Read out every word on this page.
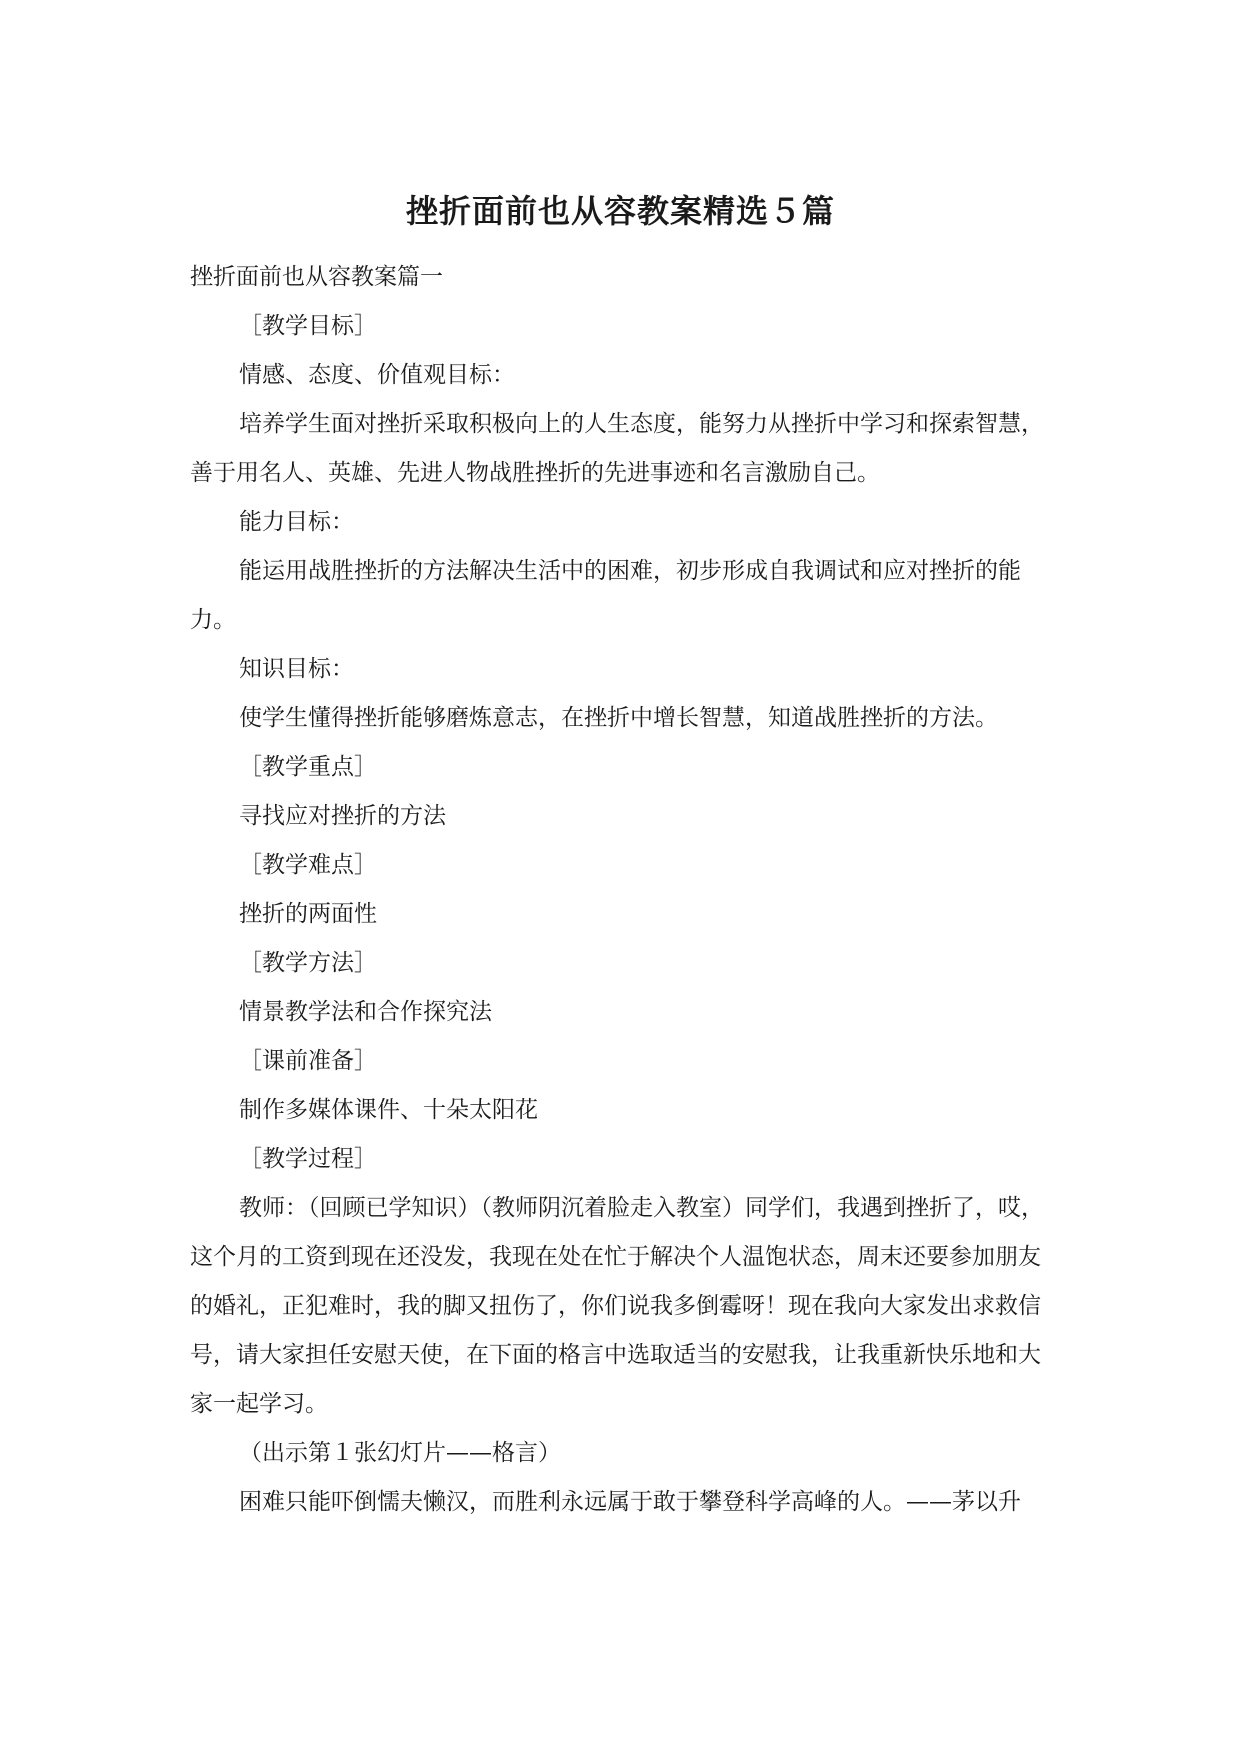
挫折面前也从容教案精选５篇

挫折面前也从容教案篇一

［教学目标］

情感、态度、价值观目标：

培养学生面对挫折采取积极向上的人生态度，能努力从挫折中学习和探索智慧，善于用名人、英雄、先进人物战胜挫折的先进事迹和名言激励自己。

能力目标：

能运用战胜挫折的方法解决生活中的困难，初步形成自我调试和应对挫折的能力。

知识目标：

使学生懂得挫折能够磨炼意志，在挫折中增长智慧，知道战胜挫折的方法。

［教学重点］

寻找应对挫折的方法

［教学难点］

挫折的两面性

［教学方法］

情景教学法和合作探究法

［课前准备］

制作多媒体课件、十朵太阳花

［教学过程］

教师：（回顾已学知识）（教师阴沉着脸走入教室）同学们，我遇到挫折了，哎，这个月的工资到现在还没发，我现在处在忙于解决个人温饱状态，周末还要参加朋友的婚礼，正犯难时，我的脚又扭伤了，你们说我多倒霉呀！现在我向大家发出求救信号，请大家担任安慰天使，在下面的格言中选取适当的安慰我，让我重新快乐地和大家一起学习。

（出示第１张幻灯片——格言）

困难只能吓倒懦夫懒汉，而胜利永远属于敢于攀登科学高峰的人。——茅以升
